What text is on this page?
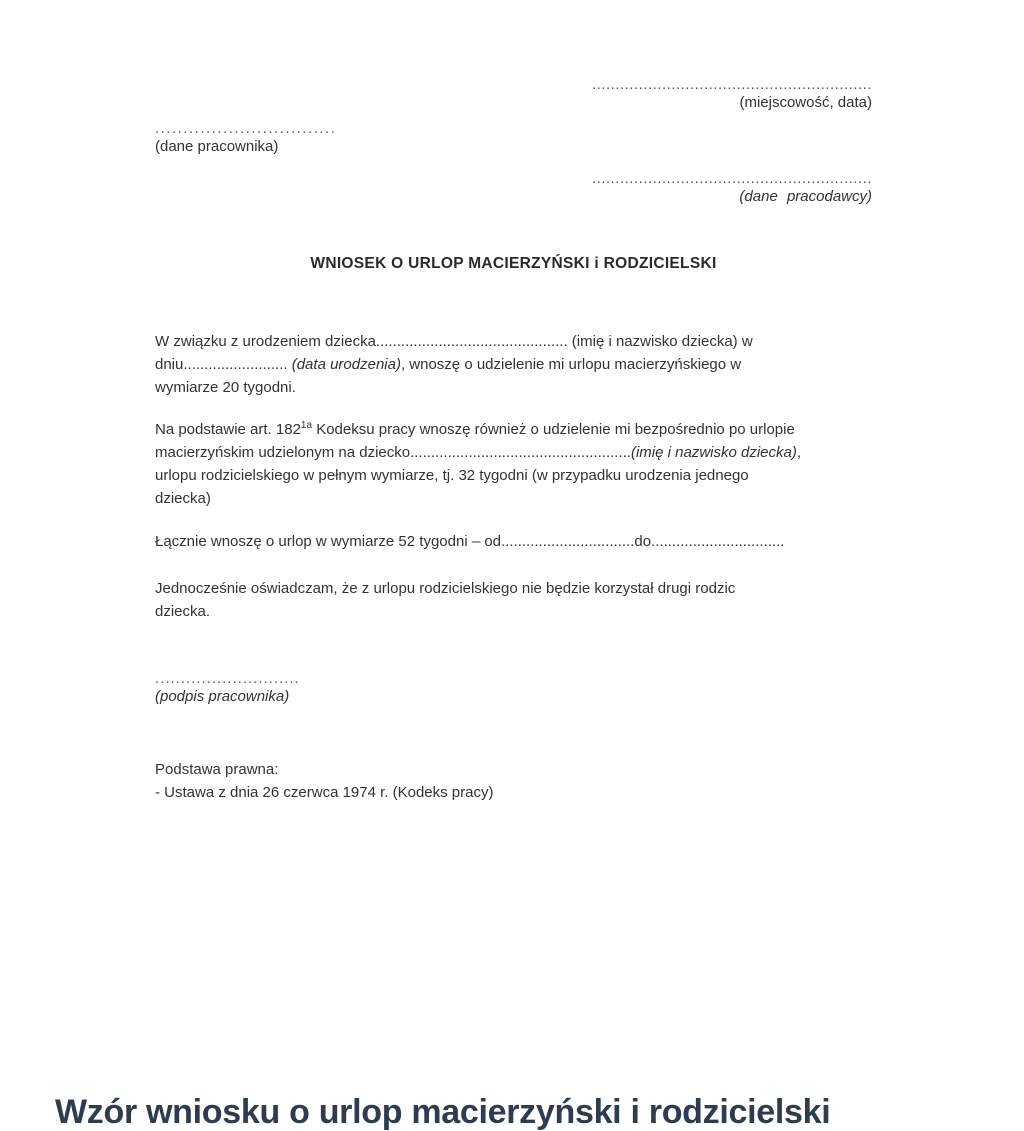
............................................................
(miejscowość, data)
................................
(dane pracownika)
............................................................
(dane pracodawcy)
WNIOSEK O URLOP MACIERZYŃSKI i RODZICIELSKI
W związku z urodzeniem dziecka.............................................. (imię i nazwisko dziecka) w
dniu......................... (data urodzenia), wnoszę o udzielenie mi urlopu macierzyńskiego w
wymiarze 20 tygodni.
Na podstawie art. $182^{1a}$ Kodeksu pracy wnoszę również o udzielenie mi bezpośrednio po urlopie
macierzyńskim udzielonym na dziecko.....................................................(imię i nazwisko dziecka),
urlopu rodzicielskiego w pełnym wymiarze, tj. 32 tygodni (w przypadku urodzenia jednego
dziecka)
Łącznie wnoszę o urlop w wymiarze 52 tygodni – od................................do................................
Jednocześnie oświadczam, że z urlopu rodzicielskiego nie będzie korzystał drugi rodzic
dziecka.
............................
(podpis pracownika)
Podstawa prawna:
- Ustawa z dnia 26 czerwca 1974 r. (Kodeks pracy)
Wzór wniosku o urlop macierzyński i rodzicielski
